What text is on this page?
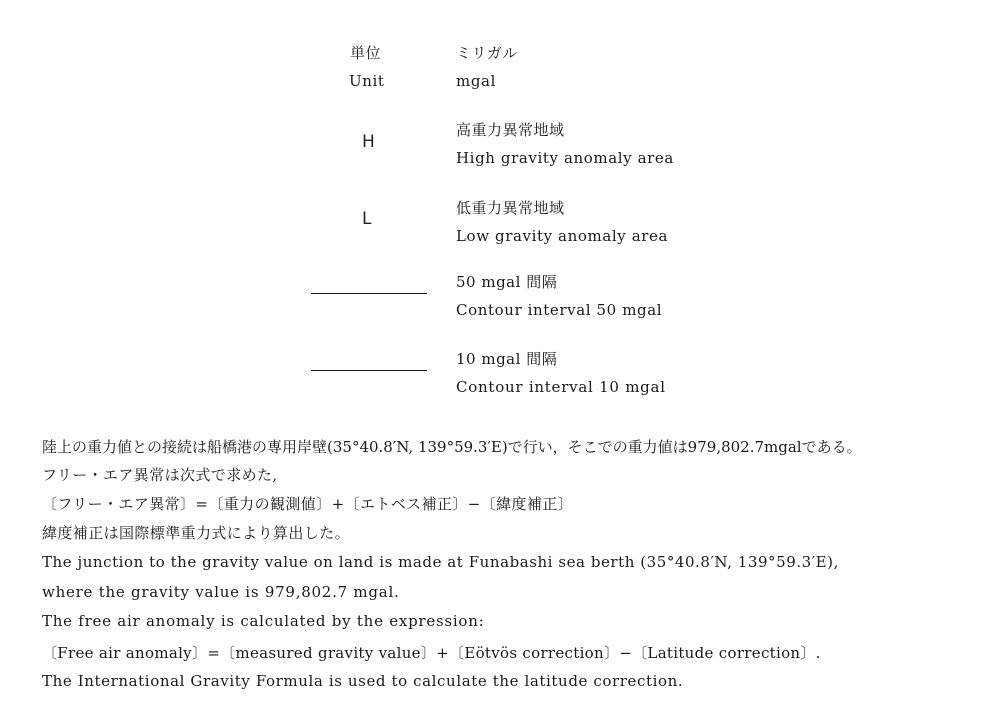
単位	ミリガル
Unit	mgal
H
高重力異常地域
High gravity anomaly area
L
低重力異常地域
Low gravity anomaly area
50 mgal 間隔
Contour interval 50 mgal
10 mgal 間隔
Contour interval 10 mgal
陸上の重力値との接続は船橋港の専用岸壁(35°40.8′N, 139°59.3′E)で行い，そこでの重力値は979,802.7mgalである。
フリー・エア異常は次式で求めた,
〔フリー・エア異常〕=〔重力の観測値〕+〔エトベス補正〕−〔緯度補正〕
緯度補正は国際標準重力式により算出した。
The junction to the gravity value on land is made at Funabashi sea berth (35°40.8′N, 139°59.3′E),
where the gravity value is 979,802.7 mgal.
The free air anomaly is calculated by the expression:
〔Free air anomaly〕=〔measured gravity value〕+〔Eötvös correction〕−〔Latitude correction〕.
The International Gravity Formula is used to calculate the latitude correction.
